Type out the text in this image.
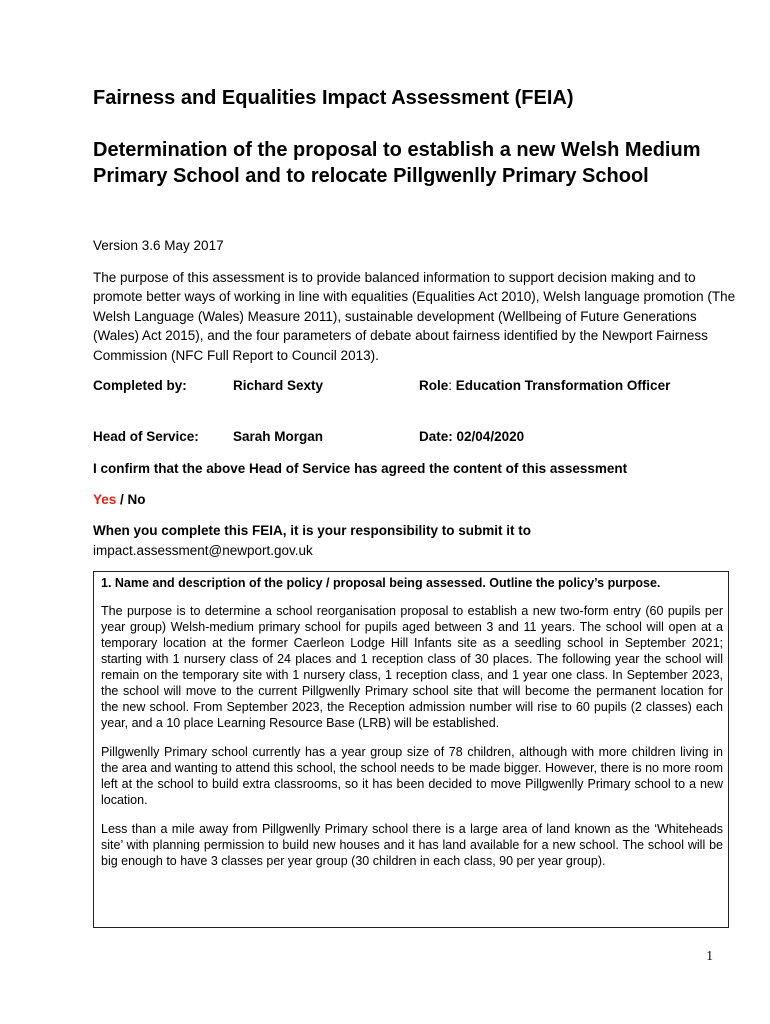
Fairness and Equalities Impact Assessment (FEIA)
Determination of the proposal to establish a new Welsh Medium Primary School and to relocate Pillgwenlly Primary School

Version 3.6 May 2017

The purpose of this assessment is to provide balanced information to support decision making and to promote better ways of working in line with equalities (Equalities Act 2010), Welsh language promotion (The Welsh Language (Wales) Measure 2011), sustainable development (Wellbeing of Future Generations (Wales) Act 2015), and the four parameters of debate about fairness identified by the Newport Fairness Commission (NFC Full Report to Council 2013).

Completed by:	Richard Sexty	Role: Education Transformation Officer
Head of Service:	Sarah Morgan	Date: 02/04/2020

I confirm that the above Head of Service has agreed the content of this assessment

Yes / No

When you complete this FEIA, it is your responsibility to submit it to

impact.assessment@newport.gov.uk

1. Name and description of the policy / proposal being assessed. Outline the policy’s purpose.

The purpose is to determine a school reorganisation proposal to establish a new two-form entry (60 pupils per year group) Welsh-medium primary school for pupils aged between 3 and 11 years. The school will open at a temporary location at the former Caerleon Lodge Hill Infants site as a seedling school in September 2021; starting with 1 nursery class of 24 places and 1 reception class of 30 places. The following year the school will remain on the temporary site with 1 nursery class, 1 reception class, and 1 year one class. In September 2023, the school will move to the current Pillgwenlly Primary school site that will become the permanent location for the new school. From September 2023, the Reception admission number will rise to 60 pupils (2 classes) each year, and a 10 place Learning Resource Base (LRB) will be established.

Pillgwenlly Primary school currently has a year group size of 78 children, although with more children living in the area and wanting to attend this school, the school needs to be made bigger. However, there is no more room left at the school to build extra classrooms, so it has been decided to move Pillgwenlly Primary school to a new location.

Less than a mile away from Pillgwenlly Primary school there is a large area of land known as the ‘Whiteheads site’ with planning permission to build new houses and it has land available for a new school. The school will be big enough to have 3 classes per year group (30 children in each class, 90 per year group).

1
